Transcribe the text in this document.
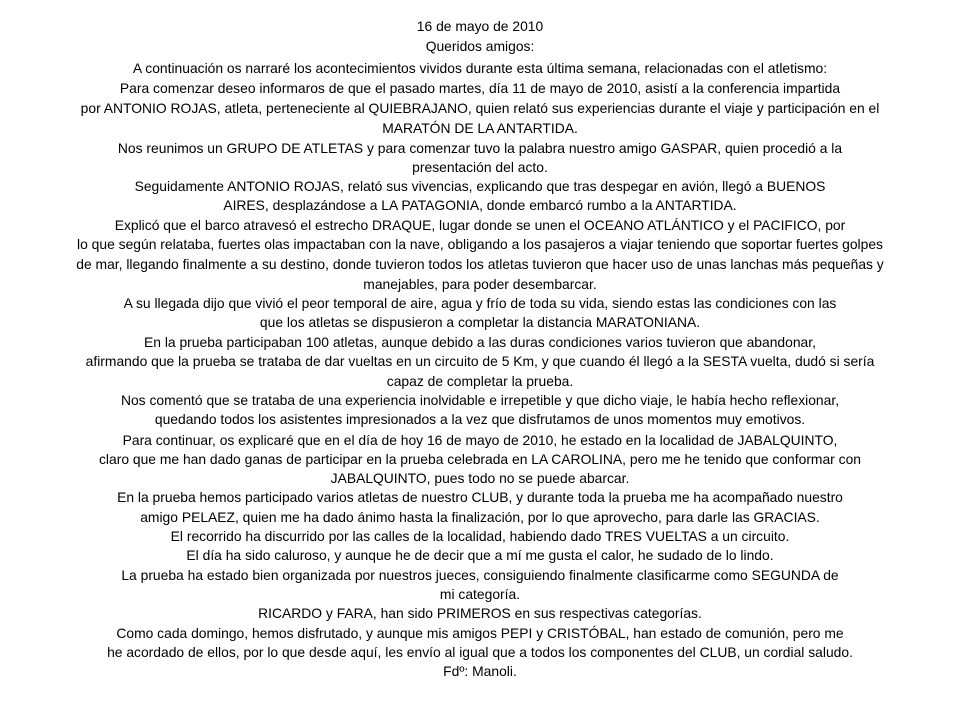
16 de mayo de 2010

Queridos amigos:

A continuación os narraré los acontecimientos vividos durante esta última semana, relacionadas con el atletismo:

Para comenzar deseo informaros de que el pasado martes, día 11 de mayo de 2010, asistí a la conferencia impartida

por ANTONIO ROJAS, atleta, perteneciente al QUIEBRAJANO, quien relató sus experiencias durante el viaje y participación en el

MARATÓN DE LA ANTARTIDA.

Nos reunimos un GRUPO DE ATLETAS y para comenzar tuvo la palabra nuestro amigo GASPAR, quien procedió a la

presentación del acto.

Seguidamente ANTONIO ROJAS, relató sus vivencias, explicando que tras despegar en avión, llegó a BUENOS

AIRES, desplazándose a LA PATAGONIA, donde embarcó rumbo a la ANTARTIDA.

Explicó que el barco atravesó el estrecho DRAQUE, lugar donde se unen el OCEANO ATLÁNTICO y el PACIFICO, por

lo que según relataba, fuertes olas impactaban con la nave, obligando a los pasajeros a viajar teniendo que soportar fuertes golpes

de mar, llegando finalmente a su destino, donde tuvieron todos los atletas tuvieron que hacer uso de unas lanchas más pequeñas y

manejables, para poder desembarcar.

A su llegada dijo que vivió el peor temporal de aire, agua y frío de toda su vida, siendo estas las condiciones con las

que los atletas se dispusieron a completar la distancia MARATONIANA.

En la prueba participaban 100 atletas, aunque debido a las duras condiciones varios tuvieron que abandonar,

afirmando que la prueba se trataba de dar vueltas en un circuito de 5 Km, y que cuando él llegó a la SESTA vuelta, dudó si sería

capaz de completar la prueba.

Nos comentó que se trataba de una experiencia inolvidable e irrepetible y que dicho viaje, le había hecho reflexionar,

quedando todos los asistentes impresionados a la vez que disfrutamos de unos momentos muy emotivos.

Para continuar, os explicaré que en el día de hoy 16 de mayo de 2010, he estado en la localidad de JABALQUINTO,

claro que me han dado ganas de participar en la prueba celebrada en LA CAROLINA, pero me he tenido que conformar con

JABALQUINTO, pues todo no se puede abarcar.

En la prueba hemos participado varios atletas de nuestro CLUB, y durante toda la prueba me ha acompañado nuestro

amigo PELAEZ, quien me ha dado ánimo hasta la finalización, por lo que aprovecho, para darle las GRACIAS.

El recorrido ha discurrido por las calles de la localidad, habiendo dado TRES VUELTAS a un circuito.

El día ha sido caluroso, y aunque he de decir que a mí me gusta el calor, he sudado de lo lindo.

La prueba ha estado bien organizada por nuestros jueces, consiguiendo finalmente clasificarme como SEGUNDA de

mi categoría.

RICARDO y FARA, han sido PRIMEROS en sus respectivas categorías.

Como cada domingo, hemos disfrutado, y aunque mis amigos PEPI y CRISTÓBAL, han estado de comunión, pero me

he acordado de ellos, por lo que desde aquí, les envío al igual que a todos los componentes del CLUB, un cordial saludo.

Fdº: Manoli.
